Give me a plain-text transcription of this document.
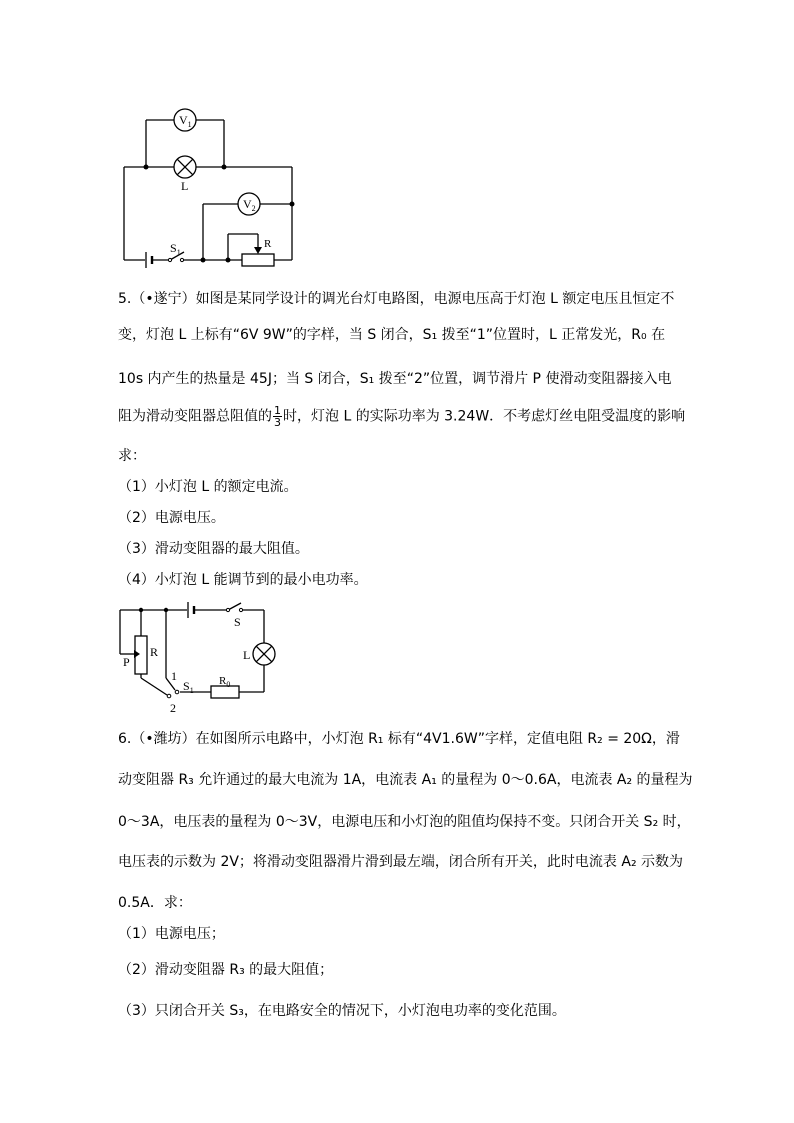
$V_1$
$V_2$
L
$S_1$
R
5.（•遂宁）如图是某同学设计的调光台灯电路图，电源电压高于灯泡 L 额定电压且恒定不
变，灯泡 L 上标有“6V 9W”的字样，当 S 闭合，S₁ 拨至“1”位置时，L 正常发光，R₀ 在
10s 内产生的热量是 45J；当 S 闭合，S₁ 拨至“2”位置，调节滑片 P 使滑动变阻器接入电
阻为滑动变阻器总阻值的 $\frac{1}{3}$ 时，灯泡 L 的实际功率为 3.24W．不考虑灯丝电阻受温度的影响
求：
（1）小灯泡 L 的额定电流。
（2）电源电压。
（3）滑动变阻器的最大阻值。
（4）小灯泡 L 能调节到的最小电功率。
S
L
P
R
$S_1$
$R_0$
1
2
6.（•潍坊）在如图所示电路中，小灯泡 R₁ 标有“4V1.6W”字样，定值电阻 R₂ = 20Ω，滑
动变阻器 R₃ 允许通过的最大电流为 1A，电流表 A₁ 的量程为 0～0.6A，电流表 A₂ 的量程为
0～3A，电压表的量程为 0～3V，电源电压和小灯泡的阻值均保持不变。只闭合开关 S₂ 时，
电压表的示数为 2V；将滑动变阻器滑片滑到最左端，闭合所有开关，此时电流表 A₂ 示数为
0.5A．求：
（1）电源电压；
（2）滑动变阻器 R₃ 的最大阻值；
（3）只闭合开关 S₃，在电路安全的情况下，小灯泡电功率的变化范围。
